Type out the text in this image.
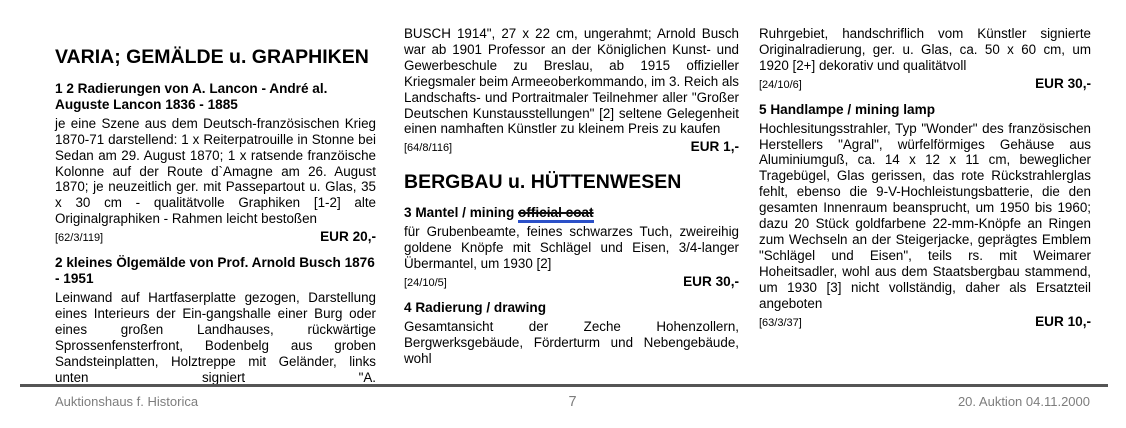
VARIA; GEMÄLDE u. GRAPHIKEN

1 2 Radierungen von A. Lancon - André al. Auguste Lancon 1836 - 1885

je eine Szene aus dem Deutsch-französischen Krieg 1870-71 darstellend: 1 x Reiterpatrouille in Stonne bei Sedan am 29. August 1870; 1 x ratsende franzöische Kolonne auf der Route d`Amagne am 26. August 1870; je neuzeitlich ger. mit Passepartout u. Glas, 35 x 30 cm - qualitätvolle Graphiken [1-2] alte Originalgraphiken - Rahmen leicht bestoßen

[62/3/119]	EUR 20,-

2 kleines Ölgemälde von Prof. Arnold Busch 1876 - 1951

Leinwand auf Hartfaserplatte gezogen, Darstellung eines Interieurs der Ein-gangshalle einer Burg oder eines großen Landhauses, rückwärtige Sprossenfensterfront, Bodenbelg aus groben Sandsteinplatten, Holztreppe mit Geländer, links unten signiert "A.

BUSCH 1914", 27 x 22 cm, ungerahmt; Arnold Busch war ab 1901 Professor an der Königlichen Kunst- und Gewerbeschule zu Breslau, ab 1915 offizieller Kriegsmaler beim Armeeoberkommando, im 3. Reich als Landschafts- und Portraitmaler Teilnehmer aller "Großer Deutschen Kunstausstellungen" [2] seltene Gelegenheit einen namhaften Künstler zu kleinem Preis zu kaufen

[64/8/116]	EUR 1,-
BERGBAU u. HÜTTENWESEN

3 Mantel / mining official coat

für Grubenbeamte, feines schwarzes Tuch, zweireihig goldene Knöpfe mit Schlägel und Eisen, 3/4-langer Übermantel, um 1930 [2]

[24/10/5]	EUR 30,-

4 Radierung / drawing

Gesamtansicht der Zeche Hohenzollern, Bergwerksgebäude, Förderturm und Nebengebäude, wohl

Ruhrgebiet, handschriflich vom Künstler signierte Originalradierung, ger. u. Glas, ca. 50 x 60 cm, um 1920 [2+] dekorativ und qualitätvoll

[24/10/6]	EUR 30,-

5 Handlampe / mining lamp

Hochlesitungsstrahler, Typ "Wonder" des französischen Herstellers "Agral", würfelförmiges Gehäuse aus Aluminiumguß, ca. 14 x 12 x 11 cm, beweglicher Tragebügel, Glas gerissen, das rote Rückstrahlerglas fehlt, ebenso die 9-V-Hochleistungsbatterie, die den gesamten Innenraum beansprucht, um 1950 bis 1960; dazu 20 Stück goldfarbene 22-mm-Knöpfe an Ringen zum Wechseln an der Steigerjacke, geprägtes Emblem "Schlägel und Eisen", teils rs. mit Weimarer Hoheitsadler, wohl aus dem Staatsbergbau stammend, um 1930 [3] nicht vollständig, daher als Ersatzteil angeboten

[63/3/37]	EUR 10,-
Auktionshaus f. Historica	7	20. Auktion 04.11.2000
